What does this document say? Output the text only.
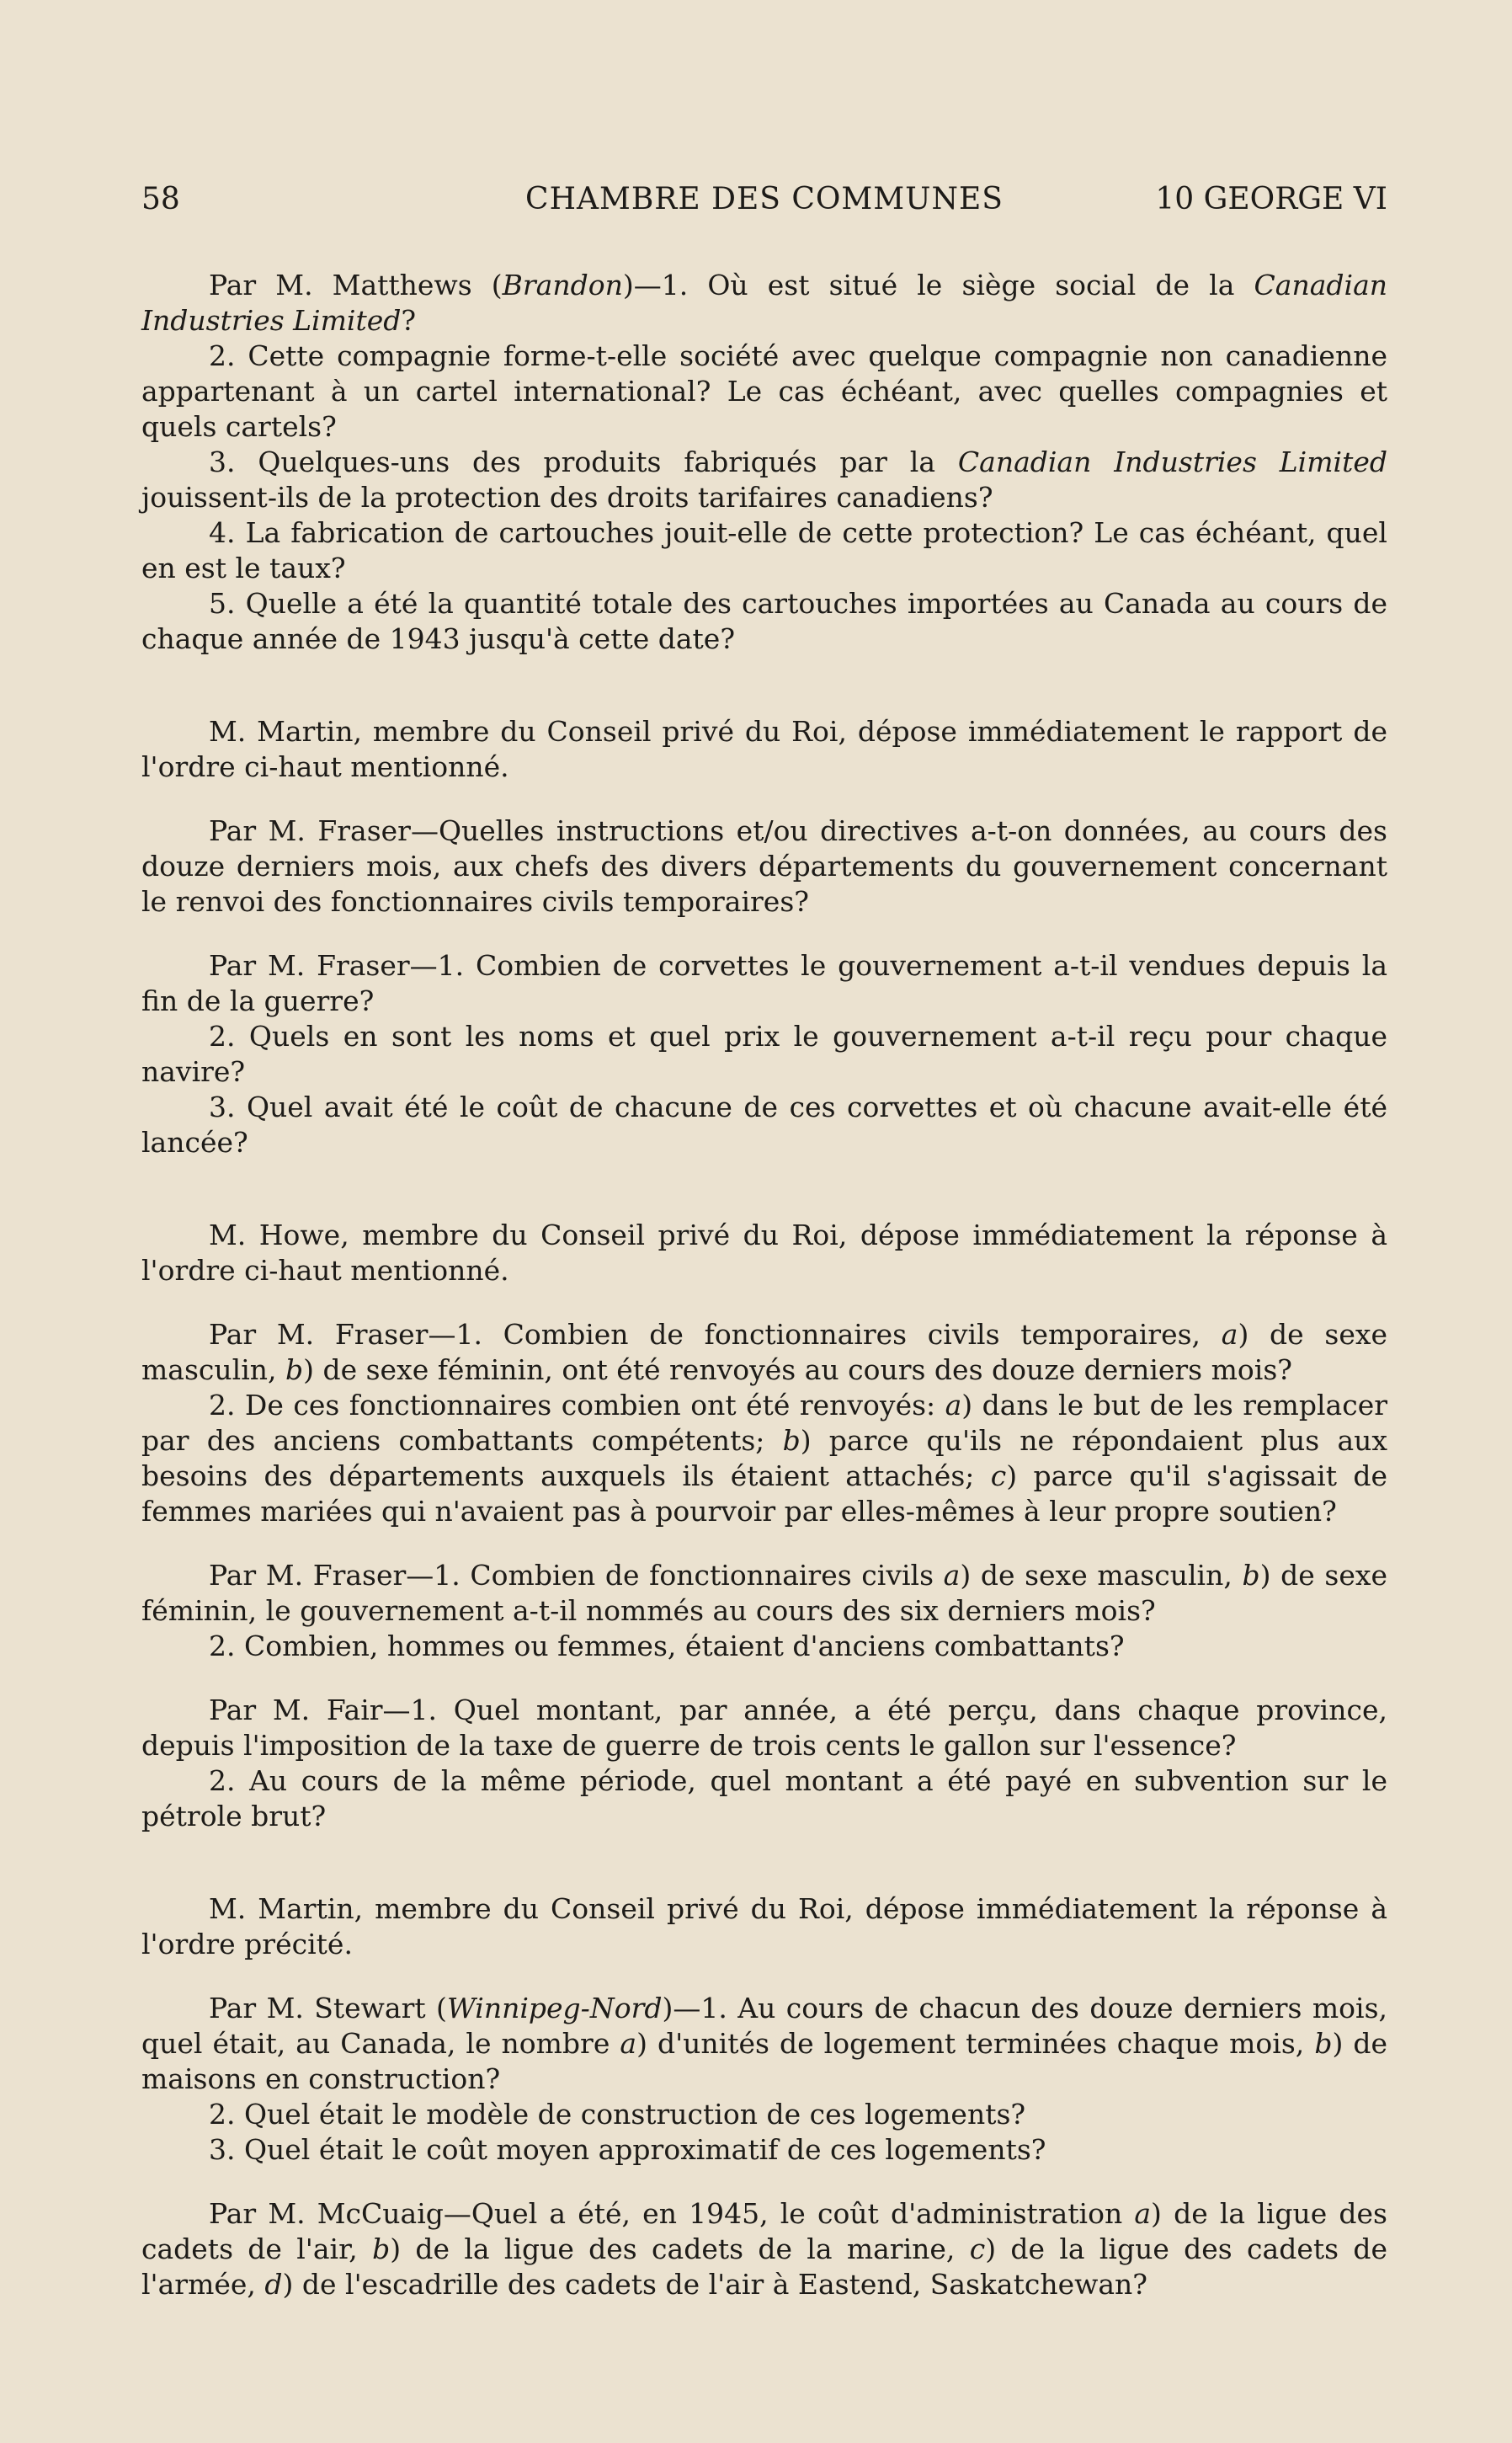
58	CHAMBRE DES COMMUNES	10 GEORGE VI

Par M. Matthews (Brandon)—1. Où est situé le siège social de la Canadian Industries Limited?

2. Cette compagnie forme-t-elle société avec quelque compagnie non canadienne appartenant à un cartel international? Le cas échéant, avec quelles compagnies et quels cartels?

3. Quelques-uns des produits fabriqués par la Canadian Industries Limited jouissent-ils de la protection des droits tarifaires canadiens?

4. La fabrication de cartouches jouit-elle de cette protection? Le cas échéant, quel en est le taux?

5. Quelle a été la quantité totale des cartouches importées au Canada au cours de chaque année de 1943 jusqu'à cette date?

M. Martin, membre du Conseil privé du Roi, dépose immédiatement le rapport de l'ordre ci-haut mentionné.

Par M. Fraser—Quelles instructions et/ou directives a-t-on données, au cours des douze derniers mois, aux chefs des divers départements du gouvernement concernant le renvoi des fonctionnaires civils temporaires?

Par M. Fraser—1. Combien de corvettes le gouvernement a-t-il vendues depuis la fin de la guerre?

2. Quels en sont les noms et quel prix le gouvernement a-t-il reçu pour chaque navire?

3. Quel avait été le coût de chacune de ces corvettes et où chacune avait-elle été lancée?

M. Howe, membre du Conseil privé du Roi, dépose immédiatement la réponse à l'ordre ci-haut mentionné.

Par M. Fraser—1. Combien de fonctionnaires civils temporaires, a) de sexe masculin, b) de sexe féminin, ont été renvoyés au cours des douze derniers mois?

2. De ces fonctionnaires combien ont été renvoyés: a) dans le but de les remplacer par des anciens combattants compétents; b) parce qu'ils ne répondaient plus aux besoins des départements auxquels ils étaient attachés; c) parce qu'il s'agissait de femmes mariées qui n'avaient pas à pourvoir par elles-mêmes à leur propre soutien?

Par M. Fraser—1. Combien de fonctionnaires civils a) de sexe masculin, b) de sexe féminin, le gouvernement a-t-il nommés au cours des six derniers mois?

2. Combien, hommes ou femmes, étaient d'anciens combattants?

Par M. Fair—1. Quel montant, par année, a été perçu, dans chaque province, depuis l'imposition de la taxe de guerre de trois cents le gallon sur l'essence?

2. Au cours de la même période, quel montant a été payé en subvention sur le pétrole brut?

M. Martin, membre du Conseil privé du Roi, dépose immédiatement la réponse à l'ordre précité.

Par M. Stewart (Winnipeg-Nord)—1. Au cours de chacun des douze derniers mois, quel était, au Canada, le nombre a) d'unités de logement terminées chaque mois, b) de maisons en construction?

2. Quel était le modèle de construction de ces logements?

3. Quel était le coût moyen approximatif de ces logements?

Par M. McCuaig—Quel a été, en 1945, le coût d'administration a) de la ligue des cadets de l'air, b) de la ligue des cadets de la marine, c) de la ligue des cadets de l'armée, d) de l'escadrille des cadets de l'air à Eastend, Saskatchewan?
